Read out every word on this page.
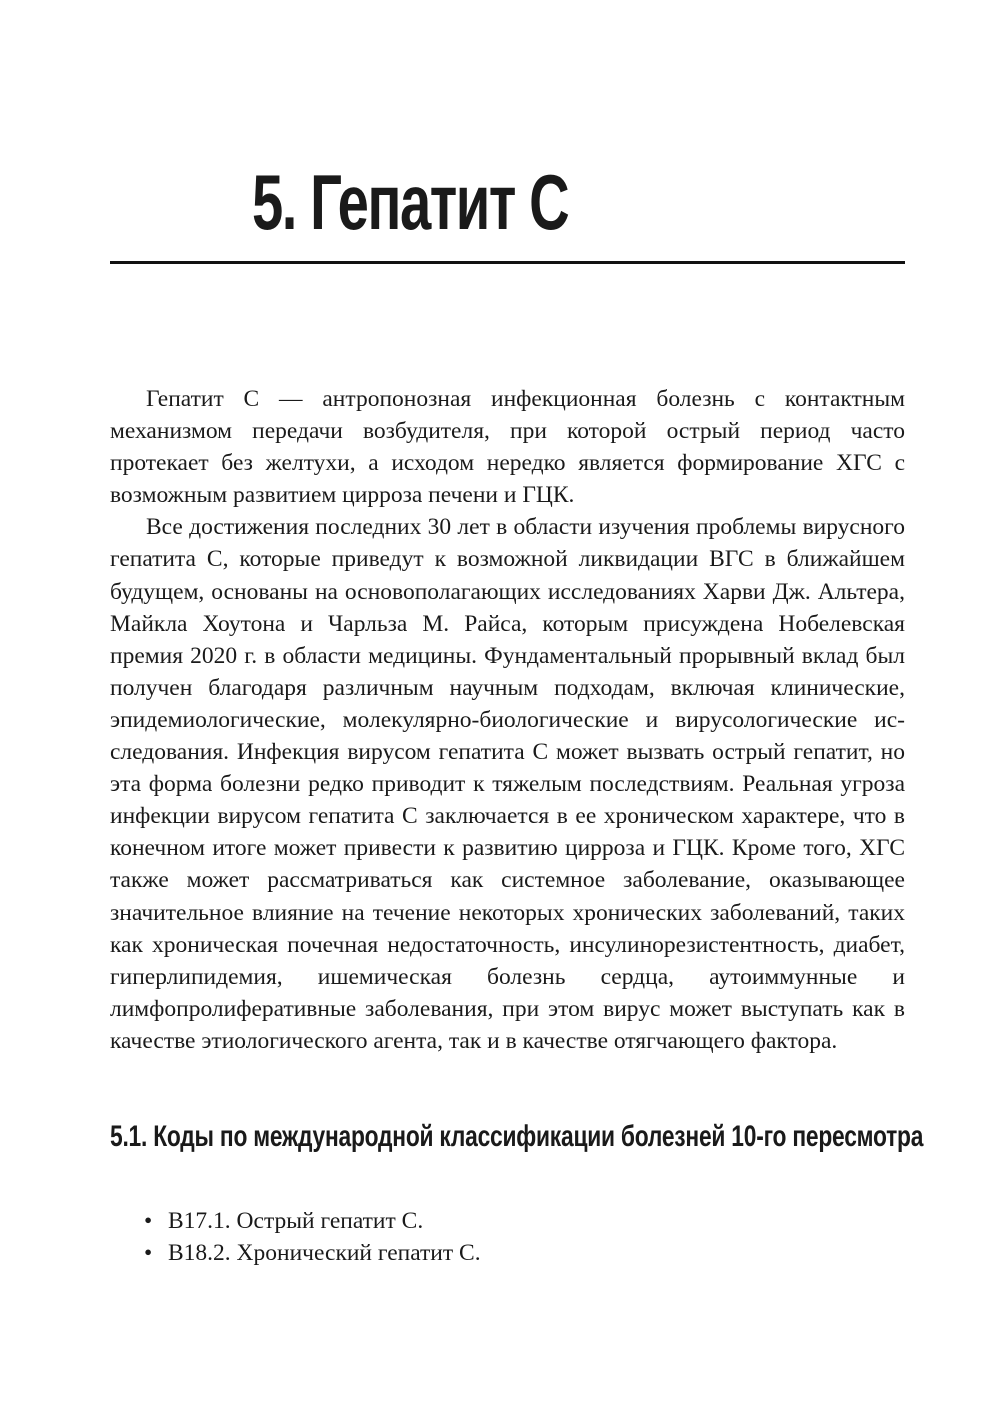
5. Гепатит С

Гепатит С — антропонозная инфекционная болезнь с контактным механизмом передачи возбудителя, при которой острый период часто протекает без желтухи, а исходом нередко является формирование ХГС с возможным развитием цирроза печени и ГЦК.

Все достижения последних 30 лет в области изучения проблемы вирусного гепатита С, которые приведут к возможной ликвидации ВГС в ближайшем будущем, основаны на основополагающих исследованиях Харви Дж. Альтера, Майкла Хоутона и Чарльза М. Райса, которым присуждена Нобелевская премия 2020 г. в области медицины. Фундаментальный прорывный вклад был получен благодаря различным научным подходам, включая клинические, эпидемиологические, молекулярно-биологические и вирусологические исследования. Инфекция вирусом гепатита С может вызвать острый гепатит, но эта форма болезни редко приводит к тяжелым последствиям. Реальная угроза инфекции вирусом гепатита С заключается в ее хроническом характере, что в конечном итоге может привести к развитию цирроза и ГЦК. Кроме того, ХГС также может рассматриваться как системное заболевание, оказывающее значительное влияние на течение некоторых хронических заболеваний, таких как хроническая почечная недостаточность, инсулинорезистентность, диабет, гиперлипидемия, ишемическая болезнь сердца, аутоиммунные и лимфопролиферативные заболевания, при этом вирус может выступать как в качестве этиологического агента, так и в качестве отягчающего фактора.

5.1. Коды по международной классификации болезней 10-го пересмотра
• B17.1. Острый гепатит С.
• B18.2. Хронический гепатит С.
